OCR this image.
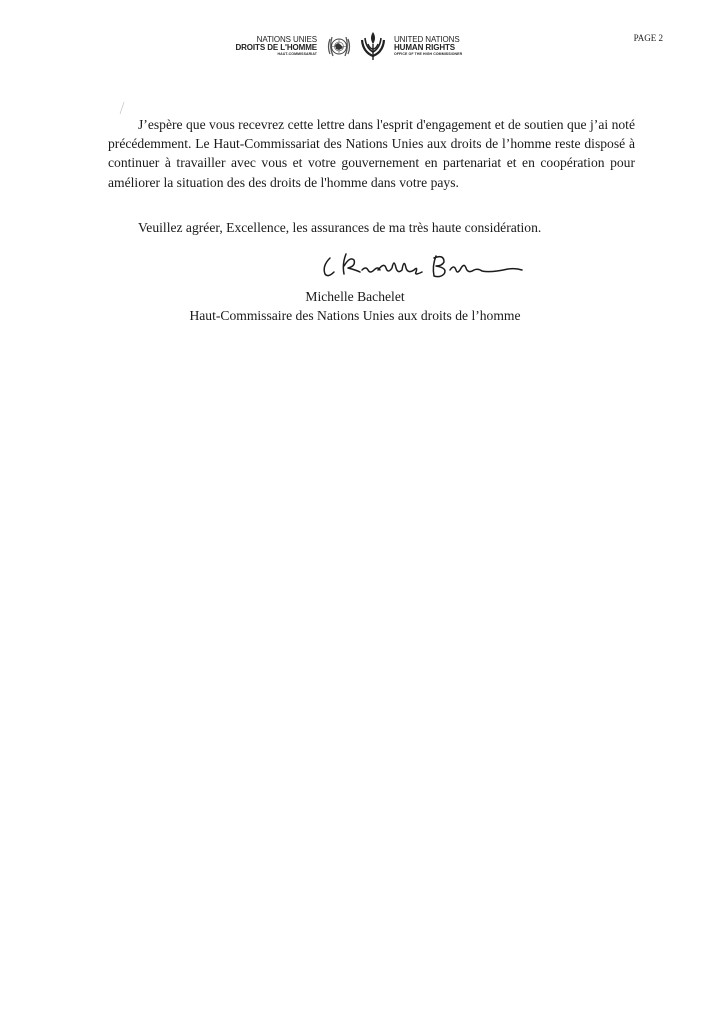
NATIONS UNIES
DROITS DE L'HOMME
HAUT-COMMISSARIAT
UNITED NATIONS
HUMAN RIGHTS
OFFICE OF THE HIGH COMMISSIONER
PAGE 2

J’espère que vous recevrez cette lettre dans l'esprit d'engagement et de soutien que j’ai noté précédemment. Le Haut-Commissariat des Nations Unies aux droits de l’homme reste disposé à continuer à travailler avec vous et votre gouvernement en partenariat et en coopération pour améliorer la situation des des droits de l'homme dans votre pays.

Veuillez agréer, Excellence, les assurances de ma très haute considération.
Michelle Bachelet
Haut-Commissaire des Nations Unies aux droits de l’homme
